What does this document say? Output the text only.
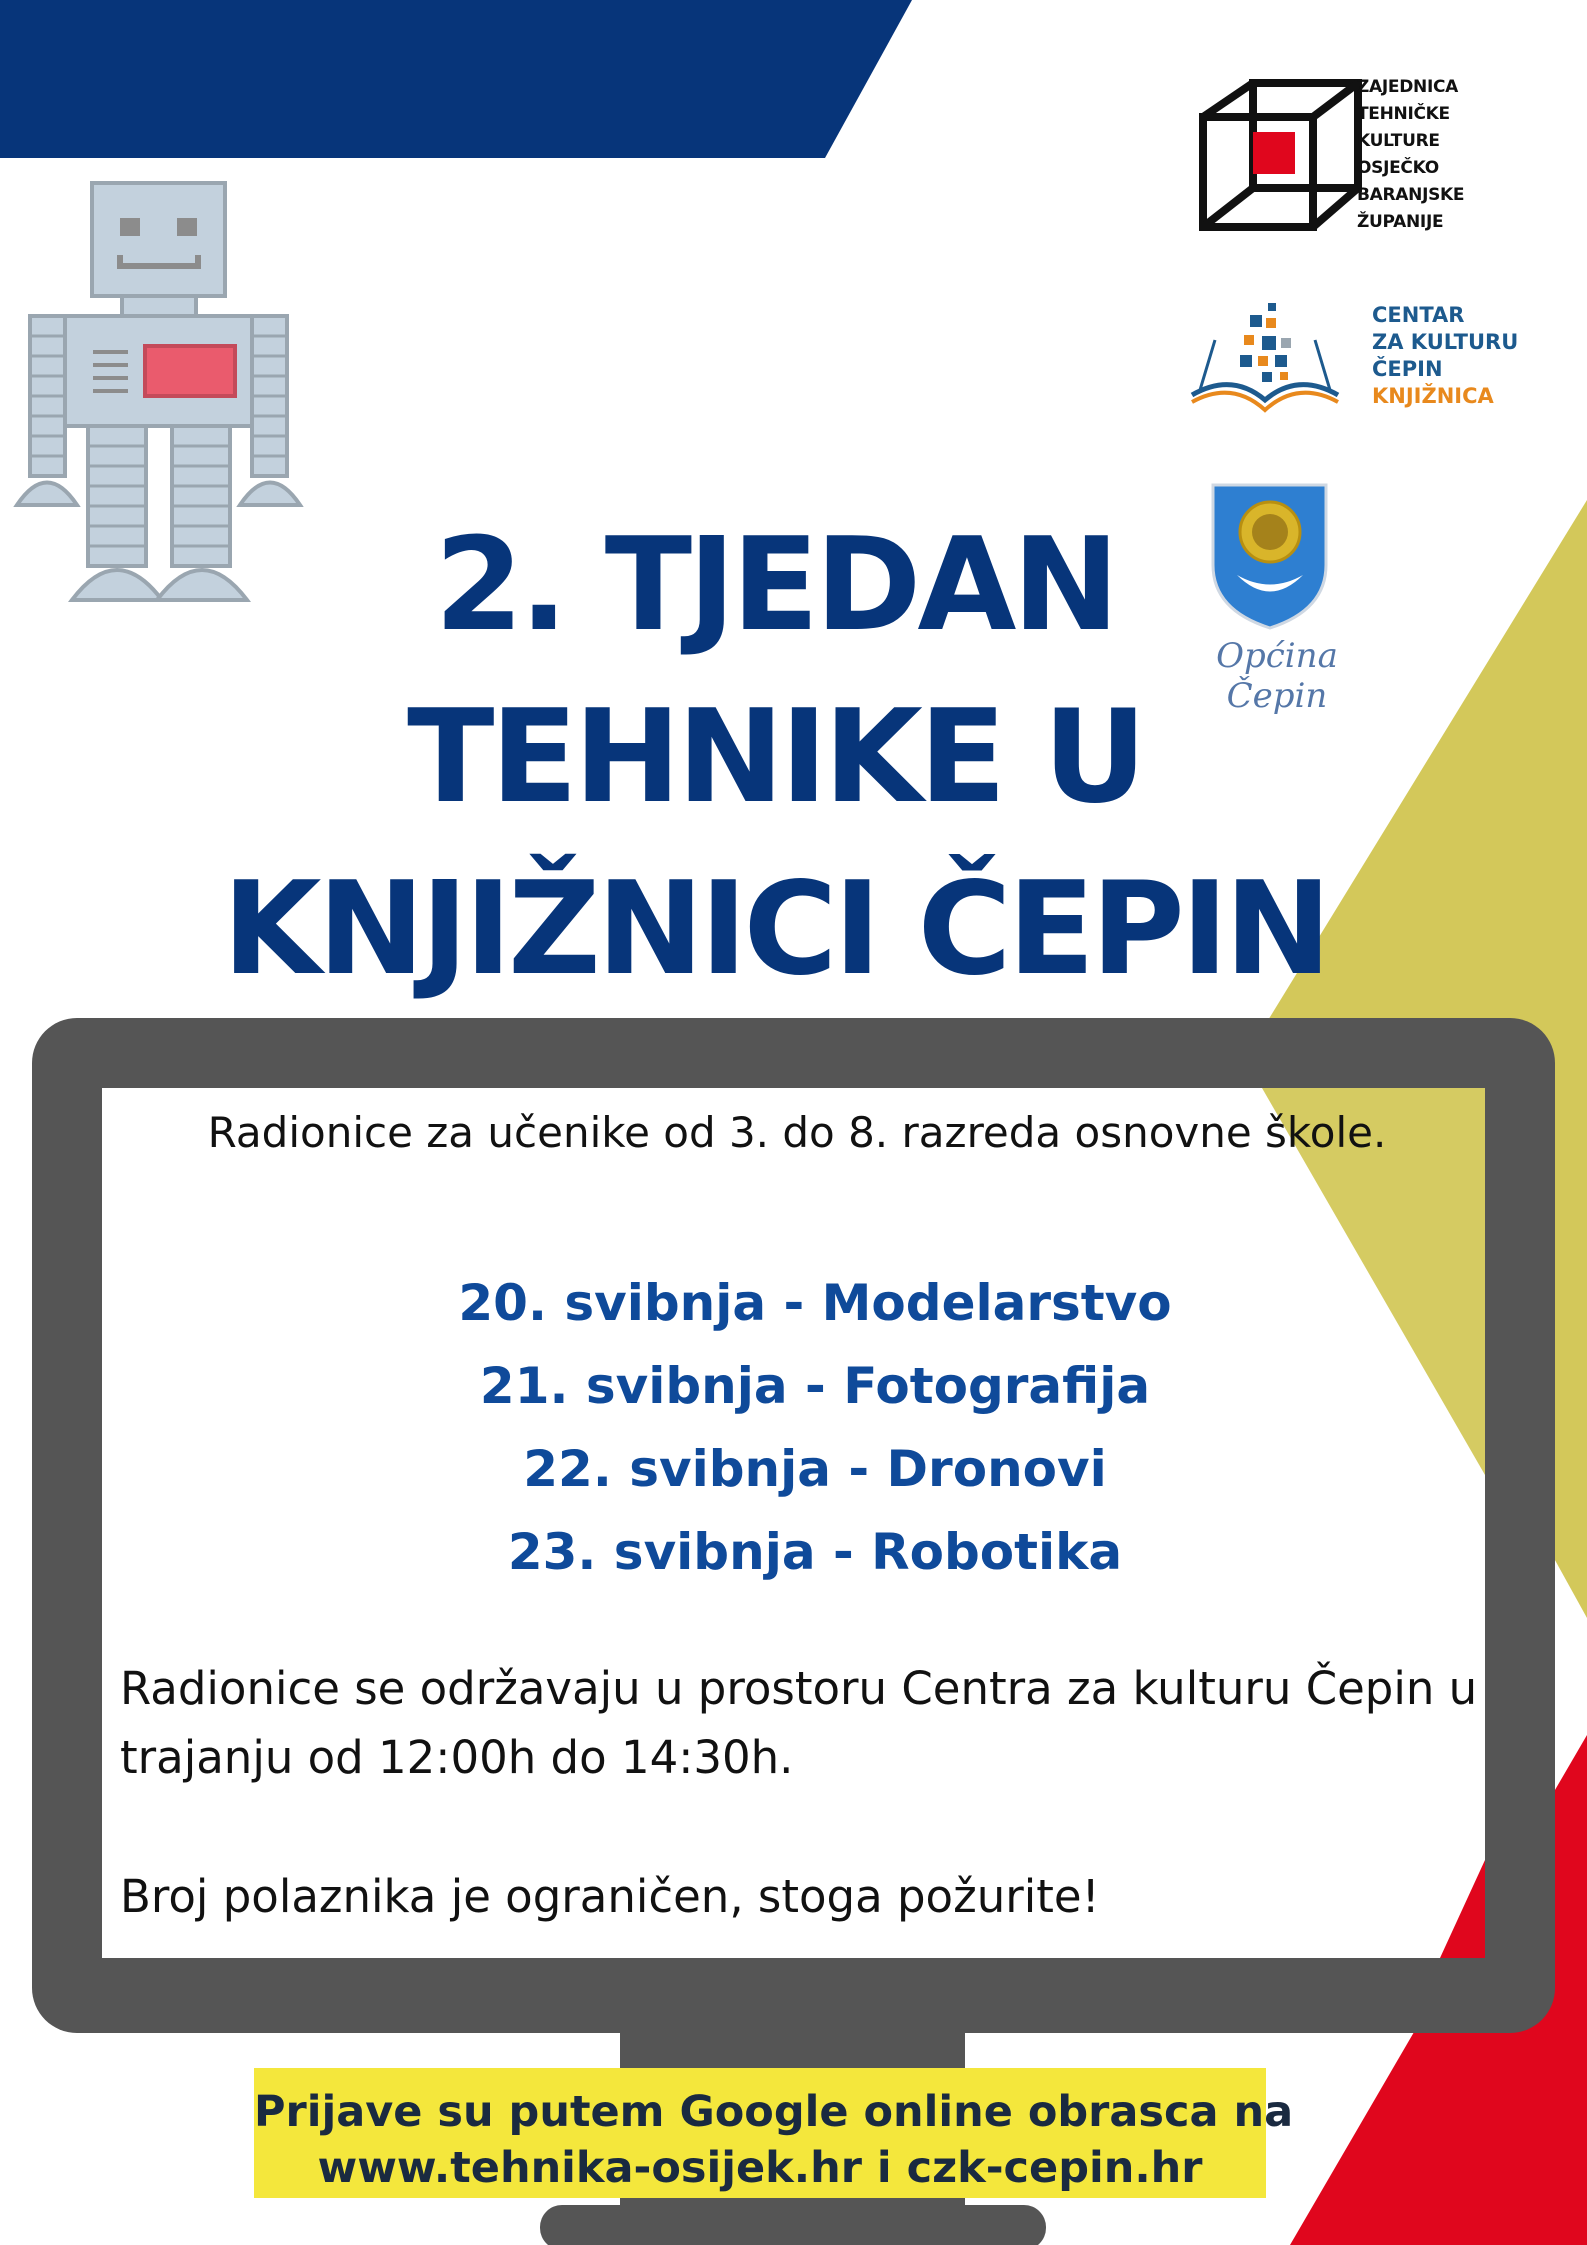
ZAJEDNICA
TEHNIČKE
KULTURE
OSJEČKO
BARANJSKE
ŽUPANIJE
CENTAR
ZA KULTURU
ČEPIN
KNJIŽNICA
Općina Čepin
2. TJEDAN
TEHNIKE U
KNJIŽNICI ČEPIN
Radionice za učenike od 3. do 8. razreda osnovne škole.
20. svibnja - Modelarstvo
21. svibnja - Fotografija
22. svibnja - Dronovi
23. svibnja - Robotika
Radionice se održavaju u prostoru Centra za kulturu Čepin u
trajanju od 12:00h do 14:30h.
Broj polaznika je ograničen, stoga požurite!
Prijave su putem Google online obrasca na
www.tehnika-osijek.hr i czk-cepin.hr
